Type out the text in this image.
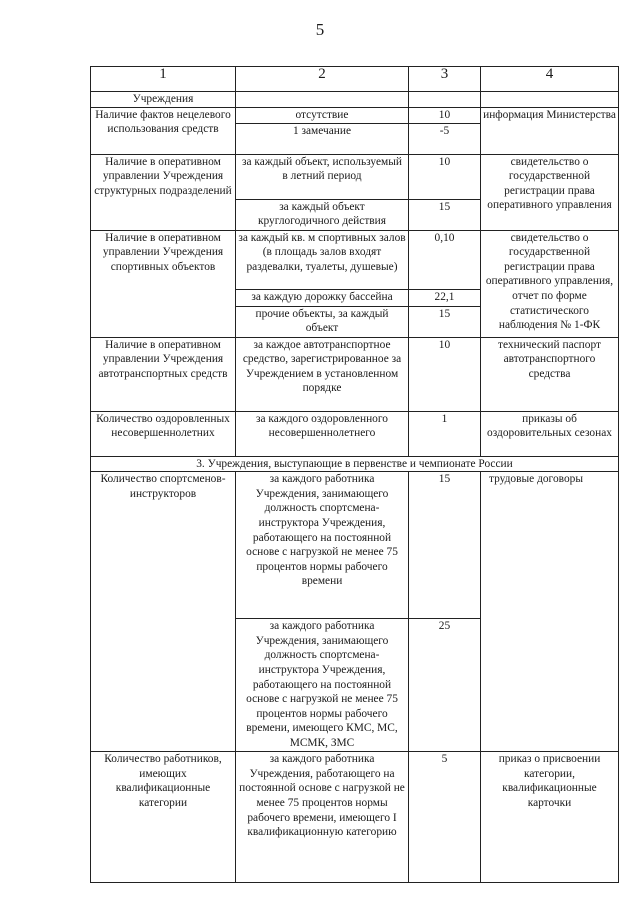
5
1	2	3	4
Учреждения			
Наличие фактов нецелевого использования средств	отсутствие	10	информация Министерства
	1 замечание	-5	
Наличие в оперативном управлении Учреждения структурных подразделений	за каждый объект, используемый в летний период	10	свидетельство о государственной регистрации права оперативного управления
	за каждый объект круглогодичного действия	15	
Наличие в оперативном управлении Учреждения спортивных объектов	за каждый кв. м спортивных залов (в площадь залов входят раздевалки, туалеты, душевые)	0,10	свидетельство о государственной регистрации права оперативного управления, отчет по форме статистического наблюдения № 1-ФК
	за каждую дорожку бассейна	22,1	
	прочие объекты, за каждый объект	15	
Наличие в оперативном управлении Учреждения автотранспортных средств	за каждое автотранспортное средство, зарегистрированное за Учреждением в установленном порядке	10	технический паспорт автотранспортного средства
Количество оздоровленных несовершеннолетних	за каждого оздоровленного несовершеннолетнего	1	приказы об оздоровительных сезонах
3. Учреждения, выступающие в первенстве и чемпионате России			
Количество спортсменов-инструкторов	за каждого работника Учреждения, занимающего должность спортсмена-инструктора Учреждения, работающего на постоянной основе с нагрузкой не менее 75 процентов нормы рабочего времени	15	трудовые договоры
	за каждого работника Учреждения, занимающего должность спортсмена-инструктора Учреждения, работающего на постоянной основе с нагрузкой не менее 75 процентов нормы рабочего времени, имеющего КМС, МС, МСМК, ЗМС	25	
Количество работников, имеющих квалификационные категории	за каждого работника Учреждения, работающего на постоянной основе с нагрузкой не менее 75 процентов нормы рабочего времени, имеющего I квалификационную категорию	5	приказ о присвоении категории, квалификационные карточки
